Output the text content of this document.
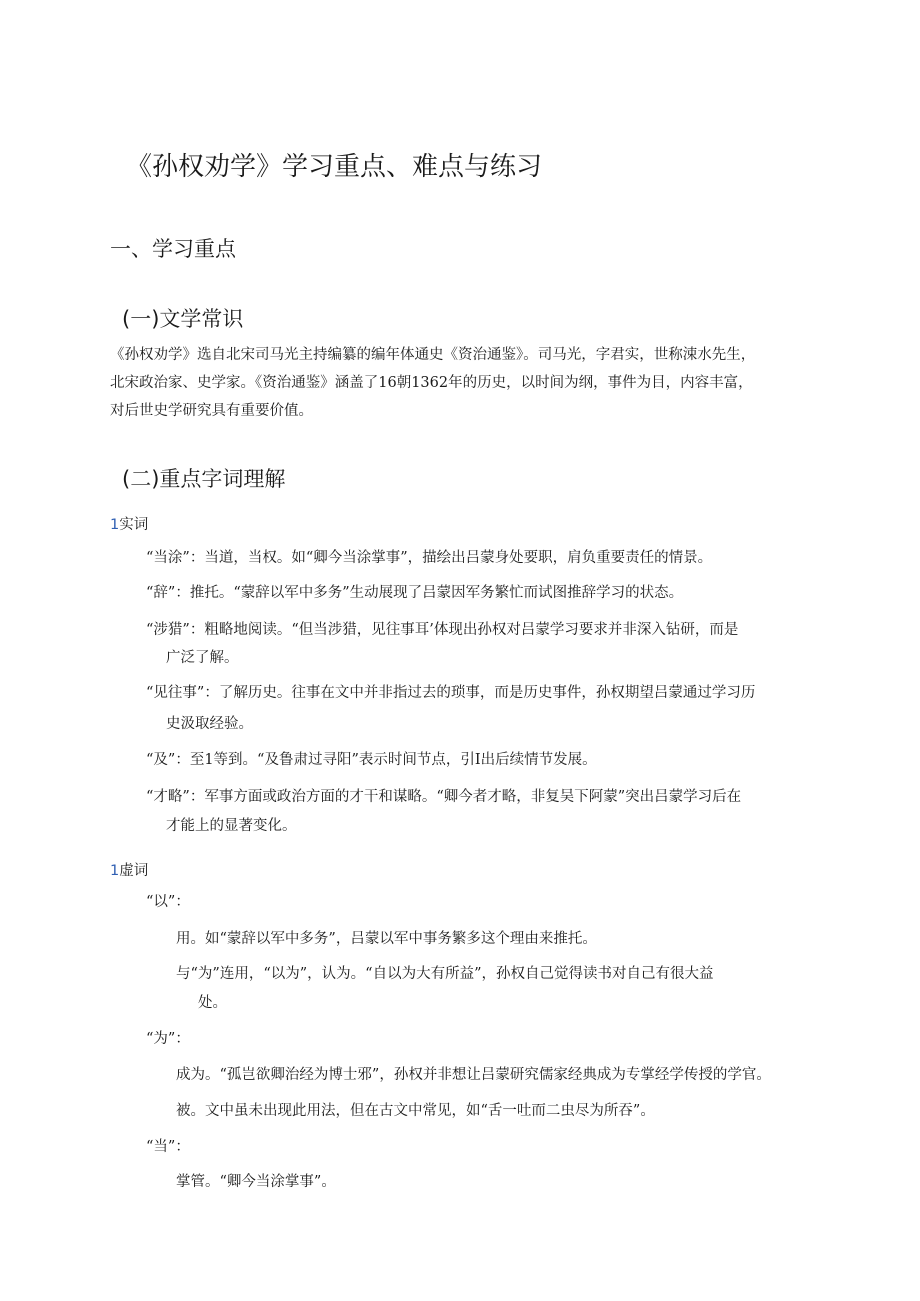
《孙权劝学》学习重点、难点与练习
一、学习重点
(一)文学常识
《孙权劝学》选自北宋司马光主持编纂的编年体通史《资治通鉴》。司马光，字君实，世称涑水先生，
北宋政治家、史学家。《资治通鉴》涵盖了16朝1362年的历史，以时间为纲，事件为目，内容丰富，
对后世史学研究具有重要价值。
(二)重点字词理解
1实词
“当涂”：当道，当权。如“卿今当涂掌事”，描绘出吕蒙身处要职，肩负重要责任的情景。
“辞”：推托。“蒙辞以军中多务”生动展现了吕蒙因军务繁忙而试图推辞学习的状态。
“涉猎”：粗略地阅读。“但当涉猎，见往事耳’体现出孙权对吕蒙学习要求并非深入钻研，而是
广泛了解。
“见往事”：了解历史。往事在文中并非指过去的琐事，而是历史事件，孙权期望吕蒙通过学习历
史汲取经验。
“及”：至1等到。“及鲁肃过寻阳”表示时间节点，引I出后续情节发展。
“才略”：军事方面或政治方面的才干和谋略。“卿今者才略，非复吴下阿蒙”突出吕蒙学习后在
才能上的显著变化。
1虚词
“以”：
用。如“蒙辞以军中多务”，吕蒙以军中事务繁多这个理由来推托。
与“为”连用，“以为”，认为。“自以为大有所益”，孙权自己觉得读书对自己有很大益
处。
“为”：
成为。“孤岂欲卿治经为博士邪”，孙权并非想让吕蒙研究儒家经典成为专掌经学传授的学官。
被。文中虽未出现此用法，但在古文中常见，如“舌一吐而二虫尽为所吞”。
“当”：
掌管。“卿今当涂掌事”。
